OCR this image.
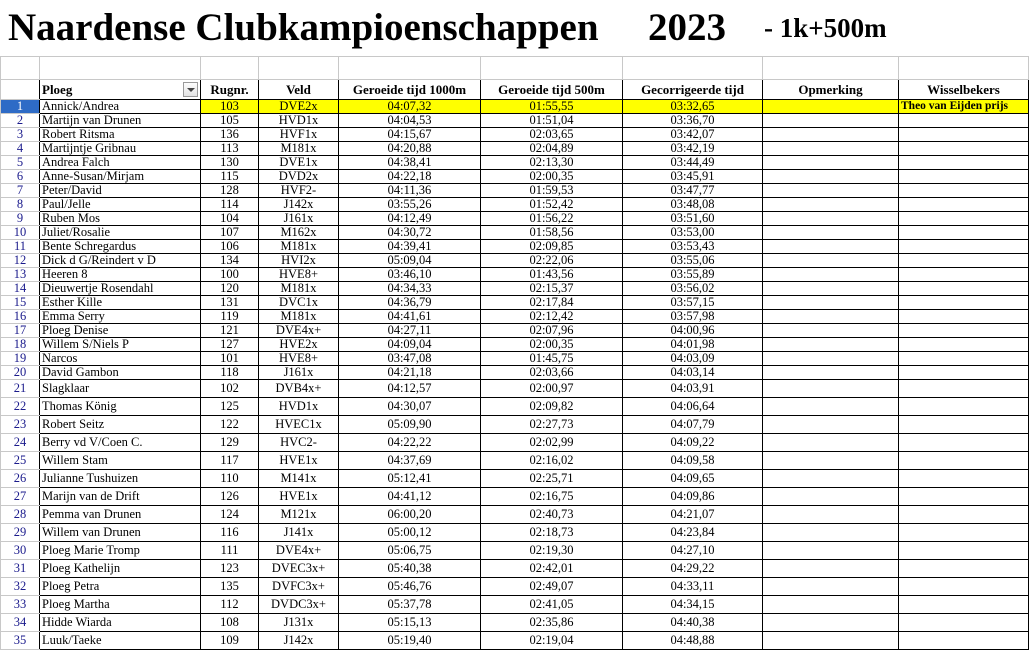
Naardense Clubkampioenschappen	2023 - 1k+500m

	Ploeg	Rugnr.	Veld	Geroeide tijd 1000m	Geroeide tijd 500m	Gecorrigeerde tijd	Opmerking	Wisselbekers
1	Annick/Andrea	103	DVE2x	04:07,32	01:55,55	03:32,65		Theo van Eijden prijs
2	Martijn van Drunen	105	HVD1x	04:04,53	01:51,04	03:36,70		
3	Robert Ritsma	136	HVF1x	04:15,67	02:03,65	03:42,07		
4	Martijntje Gribnau	113	M181x	04:20,88	02:04,89	03:42,19		
5	Andrea Falch	130	DVE1x	04:38,41	02:13,30	03:44,49		
6	Anne-Susan/Mirjam	115	DVD2x	04:22,18	02:00,35	03:45,91		
7	Peter/David	128	HVF2-	04:11,36	01:59,53	03:47,77		
8	Paul/Jelle	114	J142x	03:55,26	01:52,42	03:48,08		
9	Ruben Mos	104	J161x	04:12,49	01:56,22	03:51,60		
10	Juliet/Rosalie	107	M162x	04:30,72	01:58,56	03:53,00		
11	Bente Schregardus	106	M181x	04:39,41	02:09,85	03:53,43		
12	Dick d G/Reindert v D	134	HVI2x	05:09,04	02:22,06	03:55,06		
13	Heeren 8	100	HVE8+	03:46,10	01:43,56	03:55,89		
14	Dieuwertje Rosendahl	120	M181x	04:34,33	02:15,37	03:56,02		
15	Esther Kille	131	DVC1x	04:36,79	02:17,84	03:57,15		
16	Emma Serry	119	M181x	04:41,61	02:12,42	03:57,98		
17	Ploeg Denise	121	DVE4x+	04:27,11	02:07,96	04:00,96		
18	Willem S/Niels P	127	HVE2x	04:09,04	02:00,35	04:01,98		
19	Narcos	101	HVE8+	03:47,08	01:45,75	04:03,09		
20	David Gambon	118	J161x	04:21,18	02:03,66	04:03,14		
21	Slagklaar	102	DVB4x+	04:12,57	02:00,97	04:03,91		
22	Thomas König	125	HVD1x	04:30,07	02:09,82	04:06,64		
23	Robert Seitz	122	HVEC1x	05:09,90	02:27,73	04:07,79		
24	Berry vd V/Coen C.	129	HVC2-	04:22,22	02:02,99	04:09,22		
25	Willem Stam	117	HVE1x	04:37,69	02:16,02	04:09,58		
26	Julianne Tushuizen	110	M141x	05:12,41	02:25,71	04:09,65		
27	Marijn van de Drift	126	HVE1x	04:41,12	02:16,75	04:09,86		
28	Pemma van Drunen	124	M121x	06:00,20	02:40,73	04:21,07		
29	Willem van Drunen	116	J141x	05:00,12	02:18,73	04:23,84		
30	Ploeg Marie Tromp	111	DVE4x+	05:06,75	02:19,30	04:27,10		
31	Ploeg Kathelijn	123	DVEC3x+	05:40,38	02:42,01	04:29,22		
32	Ploeg Petra	135	DVFC3x+	05:46,76	02:49,07	04:33,11		
33	Ploeg Martha	112	DVDC3x+	05:37,78	02:41,05	04:34,15		
34	Hidde Wiarda	108	J131x	05:15,13	02:35,86	04:40,38		
35	Luuk/Taeke	109	J142x	05:19,40	02:19,04	04:48,88		
